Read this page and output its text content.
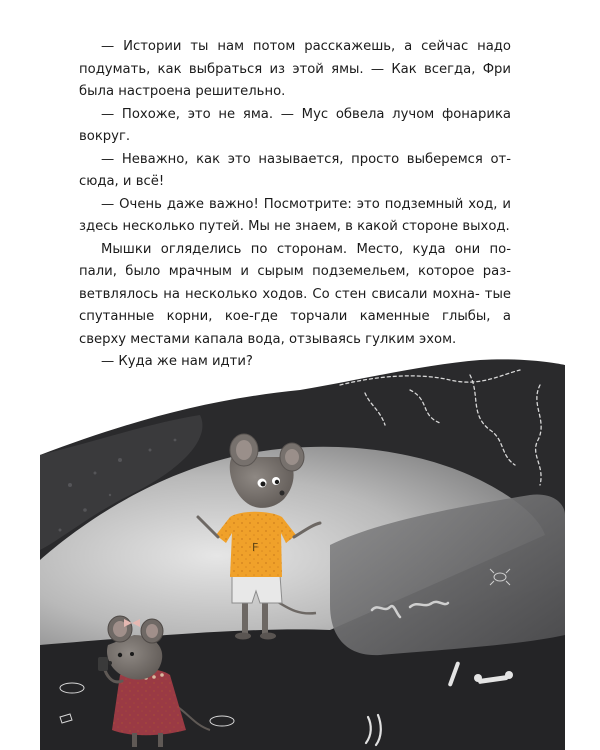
— Истории ты нам потом расскажешь, а сейчас надо подумать, как выбраться из этой ямы. — Как всегда, Фри была настроена решительно.

— Похоже, это не яма. — Мус обвела лучом фонарика вокруг.

— Неважно, как это называется, просто выберемся от- сюда, и всё!

— Очень даже важно! Посмотрите: это подземный ход, и здесь несколько путей. Мы не знаем, в какой стороне выход.

Мышки огляделись по сторонам. Место, куда они по- пали, было мрачным и сырым подземельем, которое раз- ветвлялось на несколько ходов. Со стен свисали мохна- тые спутанные корни, кое-где торчали каменные глыбы, а сверху местами капала вода, отзываясь гулким эхом.

— Куда же нам идти?

F
